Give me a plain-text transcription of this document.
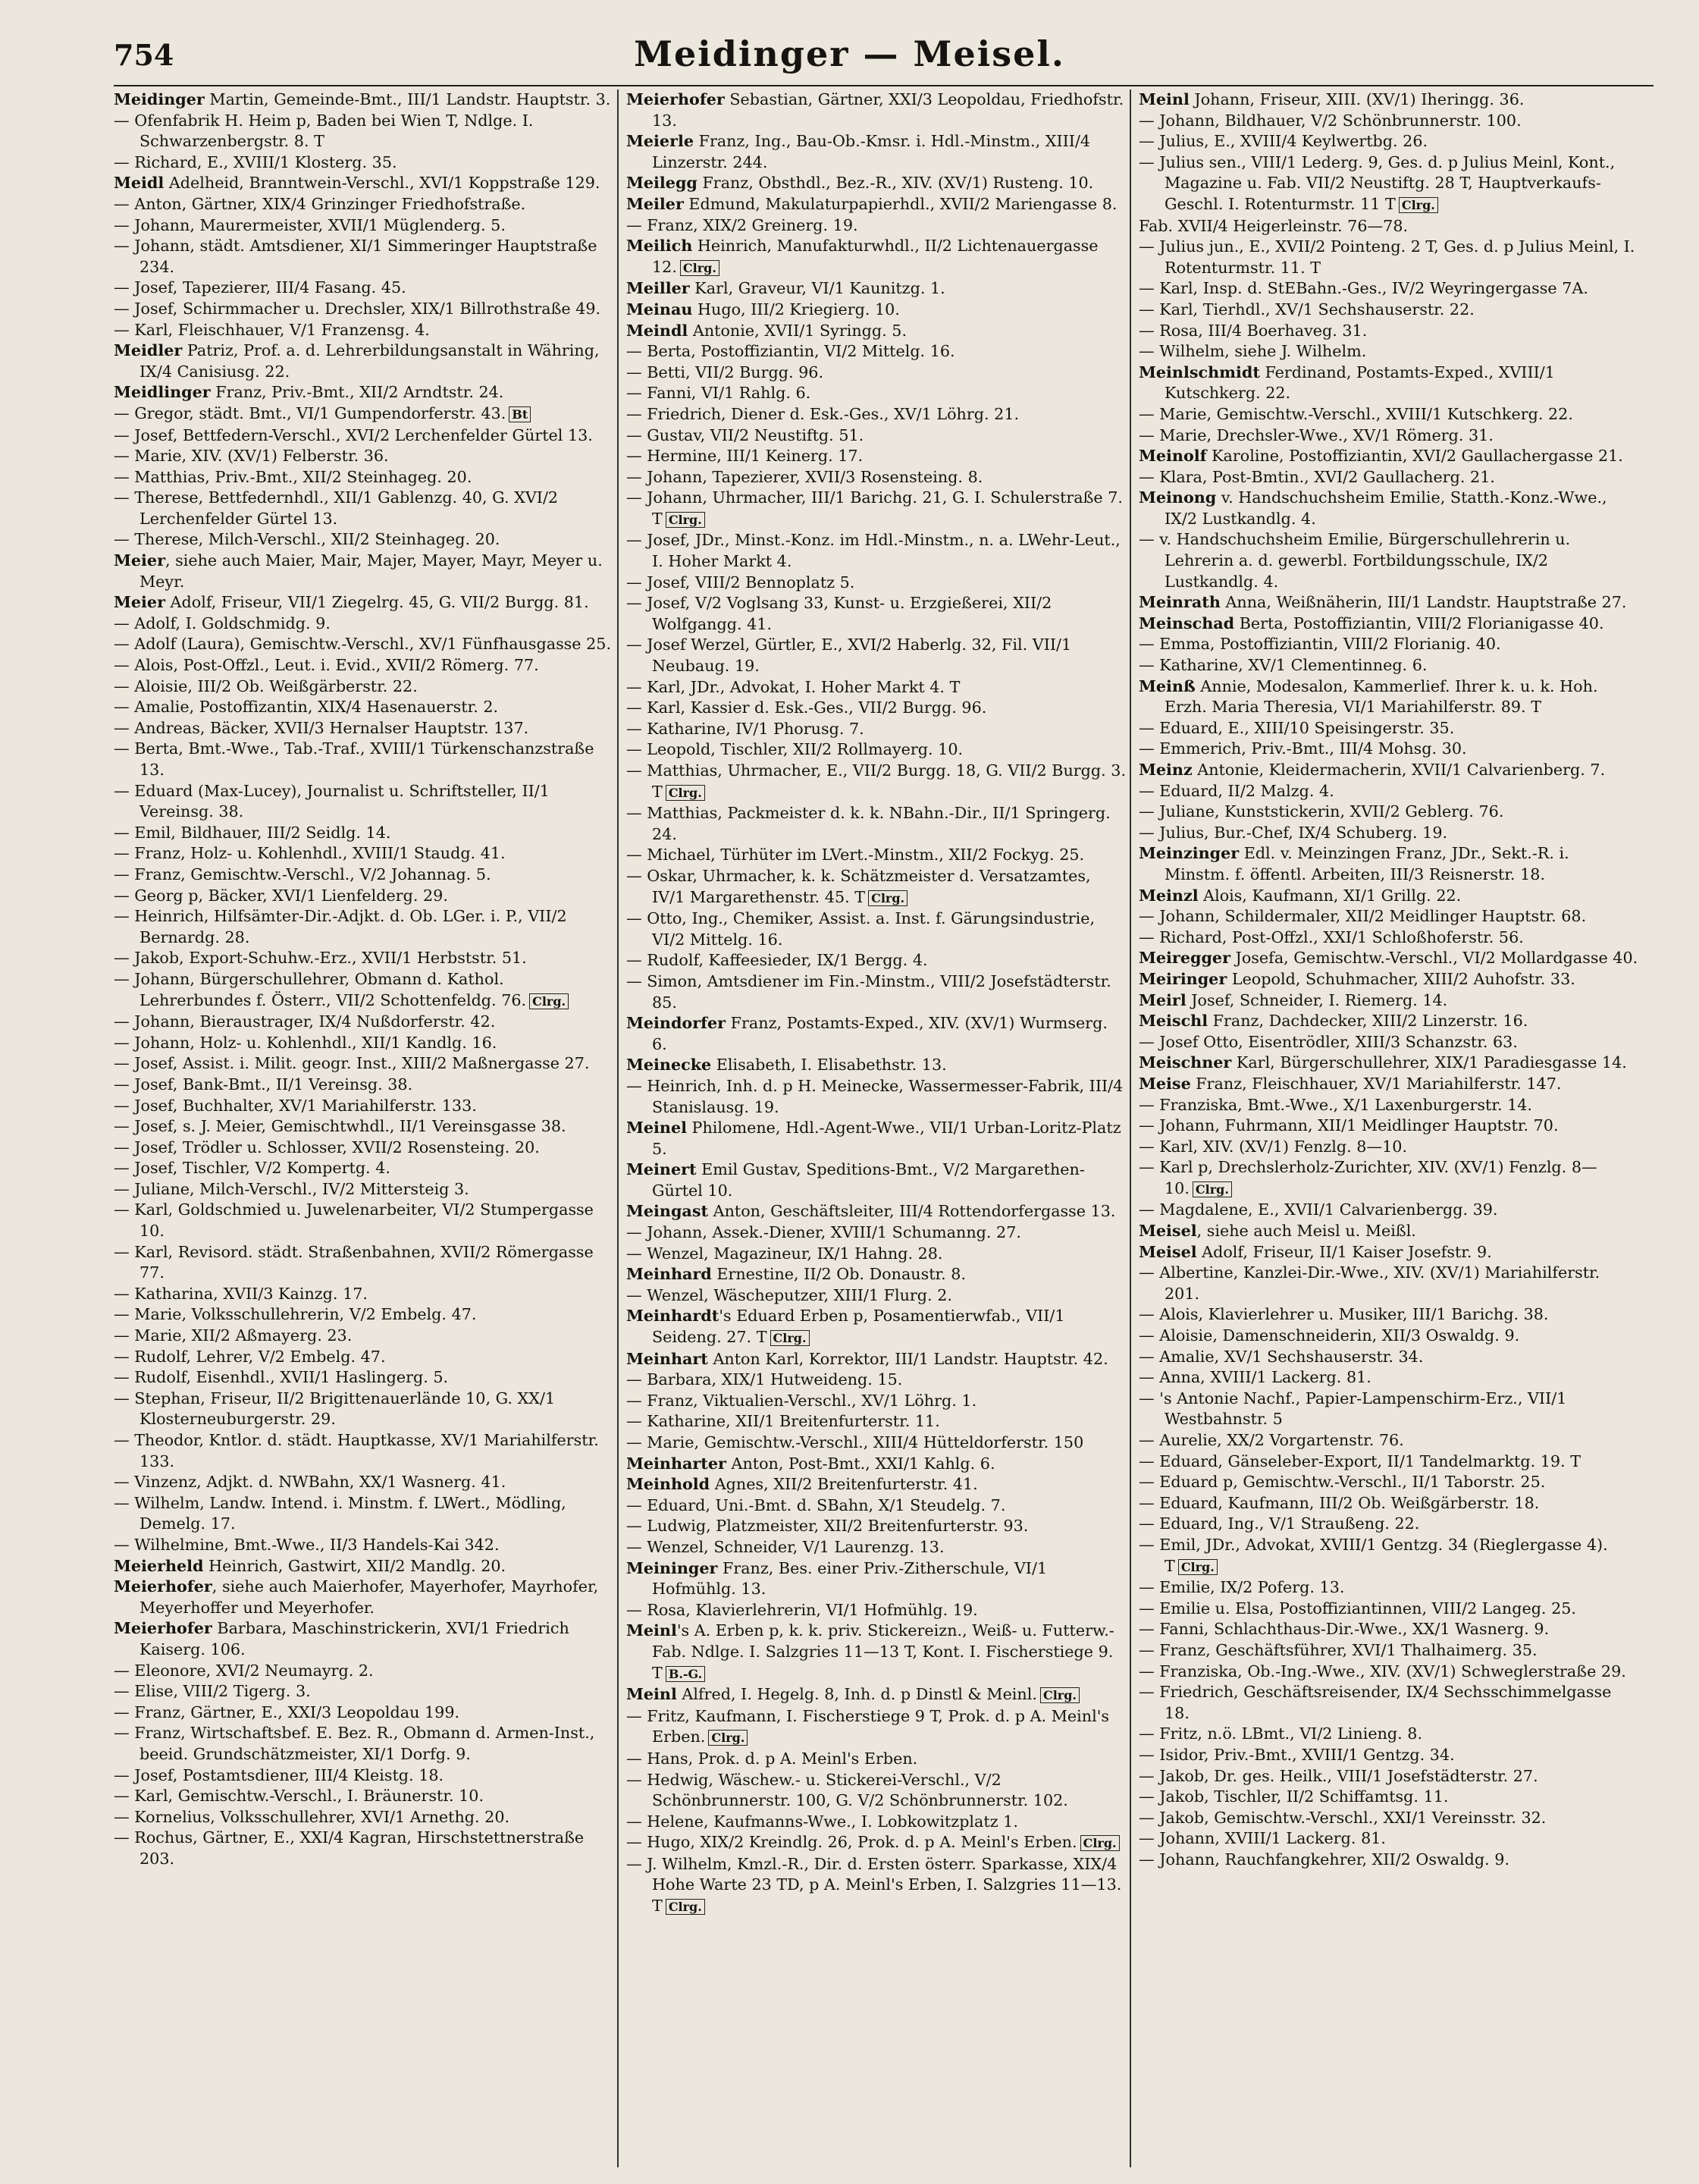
754	Meidinger — Meisel.

Meidinger Martin, Gemeinde-Bmt., III/1 Landstr. Hauptstr. 3.

— Ofenfabrik H. Heim p, Baden bei Wien T, Ndlge. I. Schwarzenbergstr. 8. T

— Richard, E., XVIII/1 Klosterg. 35.

Meidl Adelheid, Branntwein-Verschl., XVI/1 Koppstraße 129.

— Anton, Gärtner, XIX/4 Grinzinger Friedhofstraße.

— Johann, Maurermeister, XVII/1 Müglenderg. 5.

— Johann, städt. Amtsdiener, XI/1 Simmeringer Hauptstraße 234.

— Josef, Tapezierer, III/4 Fasang. 45.

— Josef, Schirmmacher u. Drechsler, XIX/1 Billrothstraße 49.

— Karl, Fleischhauer, V/1 Franzensg. 4.

Meidler Patriz, Prof. a. d. Lehrerbildungsanstalt in Währing, IX/4 Canisiusg. 22.

Meidlinger Franz, Priv.-Bmt., XII/2 Arndtstr. 24.

— Gregor, städt. Bmt., VI/1 Gumpendorferstr. 43. Bt

— Josef, Bettfedern-Verschl., XVI/2 Lerchenfelder Gürtel 13.

— Marie, XIV. (XV/1) Felberstr. 36.

— Matthias, Priv.-Bmt., XII/2 Steinhageg. 20.

— Therese, Bettfedernhdl., XII/1 Gablenzg. 40, G. XVI/2 Lerchenfelder Gürtel 13.

— Therese, Milch-Verschl., XII/2 Steinhageg. 20.

Meier, siehe auch Maier, Mair, Majer, Mayer, Mayr, Meyer u. Meyr.

Meier Adolf, Friseur, VII/1 Ziegelrg. 45, G. VII/2 Burgg. 81.

— Adolf, I. Goldschmidg. 9.

— Adolf (Laura), Gemischtw.-Verschl., XV/1 Fünfhausgasse 25.

— Alois, Post-Offzl., Leut. i. Evid., XVII/2 Römerg. 77.

— Aloisie, III/2 Ob. Weißgärberstr. 22.

— Amalie, Postoffizantin, XIX/4 Hasenauerstr. 2.

— Andreas, Bäcker, XVII/3 Hernalser Hauptstr. 137.

— Berta, Bmt.-Wwe., Tab.-Traf., XVIII/1 Türkenschanzstraße 13.

— Eduard (Max-Lucey), Journalist u. Schriftsteller, II/1 Vereinsg. 38.

— Emil, Bildhauer, III/2 Seidlg. 14.

— Franz, Holz- u. Kohlenhdl., XVIII/1 Staudg. 41.

— Franz, Gemischtw.-Verschl., V/2 Johannag. 5.

— Georg p, Bäcker, XVI/1 Lienfelderg. 29.

— Heinrich, Hilfsämter-Dir.-Adjkt. d. Ob. LGer. i. P., VII/2 Bernardg. 28.

— Jakob, Export-Schuhw.-Erz., XVII/1 Herbststr. 51.

— Johann, Bürgerschullehrer, Obmann d. Kathol. Lehrerbundes f. Österr., VII/2 Schottenfeldg. 76. Clrg.

— Johann, Bieraustrager, IX/4 Nußdorferstr. 42.

— Johann, Holz- u. Kohlenhdl., XII/1 Kandlg. 16.

— Josef, Assist. i. Milit. geogr. Inst., XIII/2 Maßnergasse 27.

— Josef, Bank-Bmt., II/1 Vereinsg. 38.

— Josef, Buchhalter, XV/1 Mariahilferstr. 133.

— Josef, s. J. Meier, Gemischtwhdl., II/1 Vereinsgasse 38.

— Josef, Trödler u. Schlosser, XVII/2 Rosensteing. 20.

— Josef, Tischler, V/2 Kompertg. 4.

— Juliane, Milch-Verschl., IV/2 Mittersteig 3.

— Karl, Goldschmied u. Juwelenarbeiter, VI/2 Stumpergasse 10.

— Karl, Revisord. städt. Straßenbahnen, XVII/2 Römergasse 77.

— Katharina, XVII/3 Kainzg. 17.

— Marie, Volksschullehrerin, V/2 Embelg. 47.

— Marie, XII/2 Aßmayerg. 23.

— Rudolf, Lehrer, V/2 Embelg. 47.

— Rudolf, Eisenhdl., XVII/1 Haslingerg. 5.

— Stephan, Friseur, II/2 Brigittenauerlände 10, G. XX/1 Klosterneuburgerstr. 29.

— Theodor, Kntlor. d. städt. Hauptkasse, XV/1 Mariahilferstr. 133.

— Vinzenz, Adjkt. d. NWBahn, XX/1 Wasnerg. 41.

— Wilhelm, Landw. Intend. i. Minstm. f. LWert., Mödling, Demelg. 17.

— Wilhelmine, Bmt.-Wwe., II/3 Handels-Kai 342.

Meierheld Heinrich, Gastwirt, XII/2 Mandlg. 20.

Meierhofer, siehe auch Maierhofer, Mayerhofer, Mayrhofer, Meyerhoffer und Meyerhofer.

Meierhofer Barbara, Maschinstrickerin, XVI/1 Friedrich Kaiserg. 106.

— Eleonore, XVI/2 Neumayrg. 2.

— Elise, VIII/2 Tigerg. 3.

— Franz, Gärtner, E., XXI/3 Leopoldau 199.

— Franz, Wirtschaftsbef. E. Bez. R., Obmann d. Armen-Inst., beeid. Grundschätzmeister, XI/1 Dorfg. 9.

— Josef, Postamtsdiener, III/4 Kleistg. 18.

— Karl, Gemischtw.-Verschl., I. Bräunerstr. 10.

— Kornelius, Volksschullehrer, XVI/1 Arnethg. 20.

— Rochus, Gärtner, E., XXI/4 Kagran, Hirschstettnerstraße 203.

Meierhofer Sebastian, Gärtner, XXI/3 Leopoldau, Friedhofstr. 13.

Meierle Franz, Ing., Bau-Ob.-Kmsr. i. Hdl.-Minstm., XIII/4 Linzerstr. 244.

Meilegg Franz, Obsthdl., Bez.-R., XIV. (XV/1) Rusteng. 10.

Meiler Edmund, Makulaturpapierhdl., XVII/2 Mariengasse 8.

— Franz, XIX/2 Greinerg. 19.

Meilich Heinrich, Manufakturwhdl., II/2 Lichtenauergasse 12. Clrg.

Meiller Karl, Graveur, VI/1 Kaunitzg. 1.

Meinau Hugo, III/2 Kriegierg. 10.

Meindl Antonie, XVII/1 Syringg. 5.

— Berta, Postoffiziantin, VI/2 Mittelg. 16.

— Betti, VII/2 Burgg. 96.

— Fanni, VI/1 Rahlg. 6.

— Friedrich, Diener d. Esk.-Ges., XV/1 Löhrg. 21.

— Gustav, VII/2 Neustiftg. 51.

— Hermine, III/1 Keinerg. 17.

— Johann, Tapezierer, XVII/3 Rosensteing. 8.

— Johann, Uhrmacher, III/1 Barichg. 21, G. I. Schulerstraße 7. T Clrg.

— Josef, JDr., Minst.-Konz. im Hdl.-Minstm., n. a. LWehr-Leut., I. Hoher Markt 4.

— Josef, VIII/2 Bennoplatz 5.

— Josef, V/2 Voglsang 33, Kunst- u. Erzgießerei, XII/2 Wolfgangg. 41.

— Josef Werzel, Gürtler, E., XVI/2 Haberlg. 32, Fil. VII/1 Neubaug. 19.

— Karl, JDr., Advokat, I. Hoher Markt 4. T

— Karl, Kassier d. Esk.-Ges., VII/2 Burgg. 96.

— Katharine, IV/1 Phorusg. 7.

— Leopold, Tischler, XII/2 Rollmayerg. 10.

— Matthias, Uhrmacher, E., VII/2 Burgg. 18, G. VII/2 Burgg. 3. T Clrg.

— Matthias, Packmeister d. k. k. NBahn.-Dir., II/1 Springerg. 24.

— Michael, Türhüter im LVert.-Minstm., XII/2 Fockyg. 25.

— Oskar, Uhrmacher, k. k. Schätzmeister d. Versatzamtes, IV/1 Margarethenstr. 45. T Clrg.

— Otto, Ing., Chemiker, Assist. a. Inst. f. Gärungsindustrie, VI/2 Mittelg. 16.

— Rudolf, Kaffeesieder, IX/1 Bergg. 4.

— Simon, Amtsdiener im Fin.-Minstm., VIII/2 Josefstädterstr. 85.

Meindorfer Franz, Postamts-Exped., XIV. (XV/1) Wurmserg. 6.

Meinecke Elisabeth, I. Elisabethstr. 13.

— Heinrich, Inh. d. p H. Meinecke, Wassermesser-Fabrik, III/4 Stanislausg. 19.

Meinel Philomene, Hdl.-Agent-Wwe., VII/1 Urban-Loritz-Platz 5.

Meinert Emil Gustav, Speditions-Bmt., V/2 Margarethen-Gürtel 10.

Meingast Anton, Geschäftsleiter, III/4 Rottendorfergasse 13.

— Johann, Assek.-Diener, XVIII/1 Schumanng. 27.

— Wenzel, Magazineur, IX/1 Hahng. 28.

Meinhard Ernestine, II/2 Ob. Donaustr. 8.

— Wenzel, Wäscheputzer, XIII/1 Flurg. 2.

Meinhardt's Eduard Erben p, Posamentierwfab., VII/1 Seideng. 27. T Clrg.

Meinhart Anton Karl, Korrektor, III/1 Landstr. Hauptstr. 42.

— Barbara, XIX/1 Hutweideng. 15.

— Franz, Viktualien-Verschl., XV/1 Löhrg. 1.

— Katharine, XII/1 Breitenfurterstr. 11.

— Marie, Gemischtw.-Verschl., XIII/4 Hütteldorferstr. 150

Meinharter Anton, Post-Bmt., XXI/1 Kahlg. 6.

Meinhold Agnes, XII/2 Breitenfurterstr. 41.

— Eduard, Uni.-Bmt. d. SBahn, X/1 Steudelg. 7.

— Ludwig, Platzmeister, XII/2 Breitenfurterstr. 93.

— Wenzel, Schneider, V/1 Laurenzg. 13.

Meininger Franz, Bes. einer Priv.-Zitherschule, VI/1 Hofmühlg. 13.

— Rosa, Klavierlehrerin, VI/1 Hofmühlg. 19.

Meinl's A. Erben p, k. k. priv. Stickereizn., Weiß- u. Futterw.-Fab. Ndlge. I. Salzgries 11—13 T, Kont. I. Fischerstiege 9. T B.-G.

Meinl Alfred, I. Hegelg. 8, Inh. d. p Dinstl & Meinl. Clrg.

— Fritz, Kaufmann, I. Fischerstiege 9 T, Prok. d. p A. Meinl's Erben. Clrg.

— Hans, Prok. d. p A. Meinl's Erben.

— Hedwig, Wäschew.- u. Stickerei-Verschl., V/2 Schönbrunnerstr. 100, G. V/2 Schönbrunnerstr. 102.

— Helene, Kaufmanns-Wwe., I. Lobkowitzplatz 1.

— Hugo, XIX/2 Kreindlg. 26, Prok. d. p A. Meinl's Erben. Clrg.

— J. Wilhelm, Kmzl.-R., Dir. d. Ersten österr. Sparkasse, XIX/4 Hohe Warte 23 TD, p A. Meinl's Erben, I. Salzgries 11—13. T Clrg.

Meinl Johann, Friseur, XIII. (XV/1) Iheringg. 36.

— Johann, Bildhauer, V/2 Schönbrunnerstr. 100.

— Julius, E., XVIII/4 Keylwertbg. 26.

— Julius sen., VIII/1 Lederg. 9, Ges. d. p Julius Meinl, Kont., Magazine u. Fab. VII/2 Neustiftg. 28 T, Hauptverkaufs-Geschl. I. Rotenturmstr. 11 T Clrg.

Fab. XVII/4 Heigerleinstr. 76—78.

— Julius jun., E., XVII/2 Pointeng. 2 T, Ges. d. p Julius Meinl, I. Rotenturmstr. 11. T

— Karl, Insp. d. StEBahn.-Ges., IV/2 Weyringergasse 7A.

— Karl, Tierhdl., XV/1 Sechshauserstr. 22.

— Rosa, III/4 Boerhaveg. 31.

— Wilhelm, siehe J. Wilhelm.

Meinlschmidt Ferdinand, Postamts-Exped., XVIII/1 Kutschkerg. 22.

— Marie, Gemischtw.-Verschl., XVIII/1 Kutschkerg. 22.

— Marie, Drechsler-Wwe., XV/1 Römerg. 31.

Meinolf Karoline, Postoffiziantin, XVI/2 Gaullachergasse 21.

— Klara, Post-Bmtin., XVI/2 Gaullacherg. 21.

Meinong v. Handschuchsheim Emilie, Statth.-Konz.-Wwe., IX/2 Lustkandlg. 4.

— v. Handschuchsheim Emilie, Bürgerschullehrerin u. Lehrerin a. d. gewerbl. Fortbildungsschule, IX/2 Lustkandlg. 4.

Meinrath Anna, Weißnäherin, III/1 Landstr. Hauptstraße 27.

Meinschad Berta, Postoffiziantin, VIII/2 Florianigasse 40.

— Emma, Postoffiziantin, VIII/2 Florianig. 40.

— Katharine, XV/1 Clementinneg. 6.

Meinß Annie, Modesalon, Kammerlief. Ihrer k. u. k. Hoh. Erzh. Maria Theresia, VI/1 Mariahilferstr. 89. T

— Eduard, E., XIII/10 Speisingerstr. 35.

— Emmerich, Priv.-Bmt., III/4 Mohsg. 30.

Meinz Antonie, Kleidermacherin, XVII/1 Calvarienberg. 7.

— Eduard, II/2 Malzg. 4.

— Juliane, Kunststickerin, XVII/2 Geblerg. 76.

— Julius, Bur.-Chef, IX/4 Schuberg. 19.

Meinzinger Edl. v. Meinzingen Franz, JDr., Sekt.-R. i. Minstm. f. öffentl. Arbeiten, III/3 Reisnerstr. 18.

Meinzl Alois, Kaufmann, XI/1 Grillg. 22.

— Johann, Schildermaler, XII/2 Meidlinger Hauptstr. 68.

— Richard, Post-Offzl., XXI/1 Schloßhoferstr. 56.

Meiregger Josefa, Gemischtw.-Verschl., VI/2 Mollardgasse 40.

Meiringer Leopold, Schuhmacher, XIII/2 Auhofstr. 33.

Meirl Josef, Schneider, I. Riemerg. 14.

Meischl Franz, Dachdecker, XIII/2 Linzerstr. 16.

— Josef Otto, Eisentrödler, XIII/3 Schanzstr. 63.

Meischner Karl, Bürgerschullehrer, XIX/1 Paradiesgasse 14.

Meise Franz, Fleischhauer, XV/1 Mariahilferstr. 147.

— Franziska, Bmt.-Wwe., X/1 Laxenburgerstr. 14.

— Johann, Fuhrmann, XII/1 Meidlinger Hauptstr. 70.

— Karl, XIV. (XV/1) Fenzlg. 8—10.

— Karl p, Drechslerholz-Zurichter, XIV. (XV/1) Fenzlg. 8—10. Clrg.

— Magdalene, E., XVII/1 Calvarienbergg. 39.

Meisel, siehe auch Meisl u. Meißl.

Meisel Adolf, Friseur, II/1 Kaiser Josefstr. 9.

— Albertine, Kanzlei-Dir.-Wwe., XIV. (XV/1) Mariahilferstr. 201.

— Alois, Klavierlehrer u. Musiker, III/1 Barichg. 38.

— Aloisie, Damenschneiderin, XII/3 Oswaldg. 9.

— Amalie, XV/1 Sechshauserstr. 34.

— Anna, XVIII/1 Lackerg. 81.

— 's Antonie Nachf., Papier-Lampenschirm-Erz., VII/1 Westbahnstr. 5

— Aurelie, XX/2 Vorgartenstr. 76.

— Eduard, Gänseleber-Export, II/1 Tandelmarktg. 19. T

— Eduard p, Gemischtw.-Verschl., II/1 Taborstr. 25.

— Eduard, Kaufmann, III/2 Ob. Weißgärberstr. 18.

— Eduard, Ing., V/1 Straußeng. 22.

— Emil, JDr., Advokat, XVIII/1 Gentzg. 34 (Rieglergasse 4). T Clrg.

— Emilie, IX/2 Poferg. 13.

— Emilie u. Elsa, Postoffiziantinnen, VIII/2 Langeg. 25.

— Fanni, Schlachthaus-Dir.-Wwe., XX/1 Wasnerg. 9.

— Franz, Geschäftsführer, XVI/1 Thalhaimerg. 35.

— Franziska, Ob.-Ing.-Wwe., XIV. (XV/1) Schweglerstraße 29.

— Friedrich, Geschäftsreisender, IX/4 Sechsschimmelgasse 18.

— Fritz, n.ö. LBmt., VI/2 Linieng. 8.

— Isidor, Priv.-Bmt., XVIII/1 Gentzg. 34.

— Jakob, Dr. ges. Heilk., VIII/1 Josefstädterstr. 27.

— Jakob, Tischler, II/2 Schiffamtsg. 11.

— Jakob, Gemischtw.-Verschl., XXI/1 Vereinsstr. 32.

— Johann, XVIII/1 Lackerg. 81.

— Johann, Rauchfangkehrer, XII/2 Oswaldg. 9.
